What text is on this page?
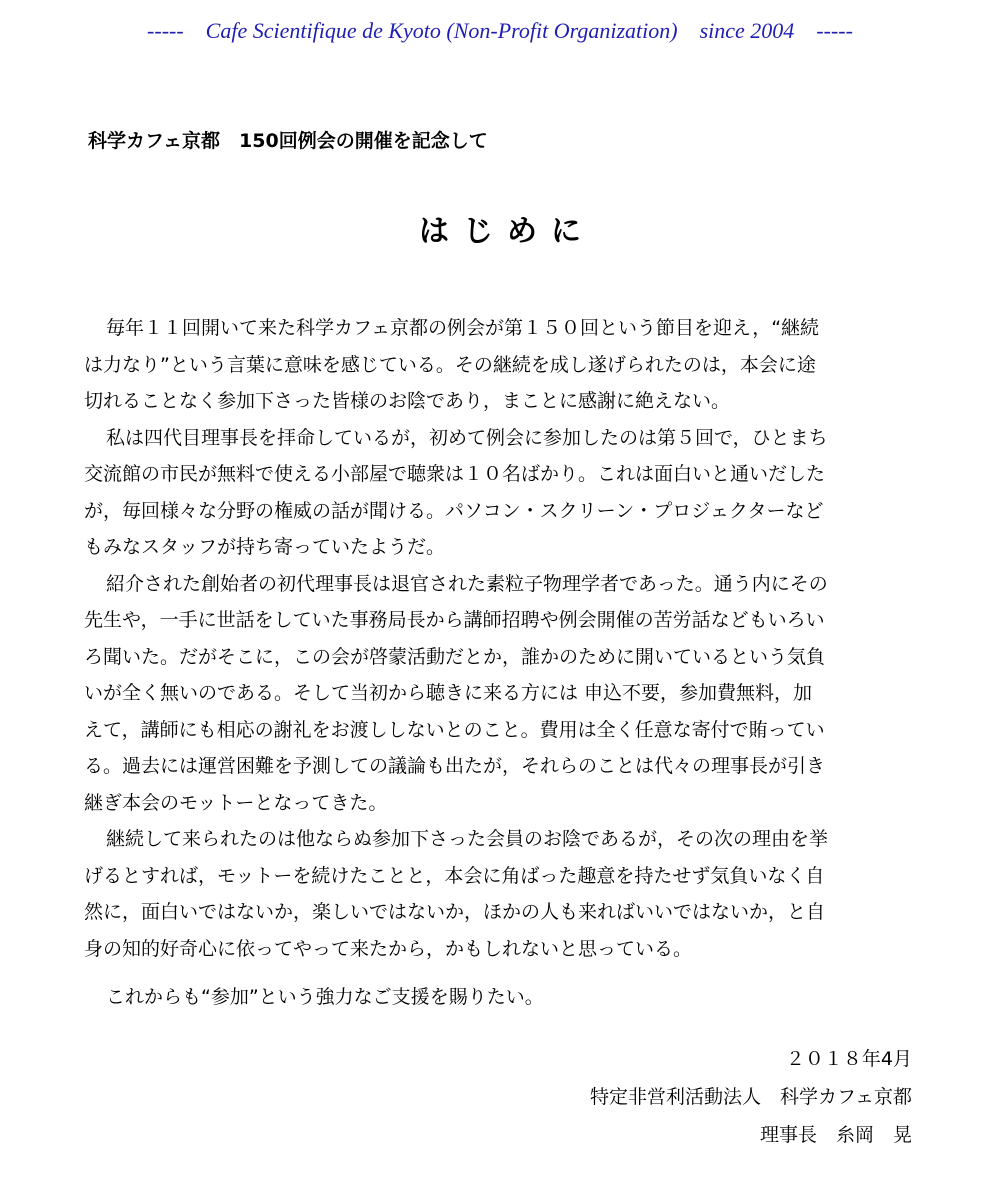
-----    Cafe Scientifique de Kyoto (Non-Profit Organization)    since 2004    -----
科学カフェ京都　150回例会の開催を記念して
はじめに
毎年１１回開いて来た科学カフェ京都の例会が第１５０回という節目を迎え，“継続
は力なり”という言葉に意味を感じている。その継続を成し遂げられたのは，本会に途
切れることなく参加下さった皆様のお陰であり，まことに感謝に絶えない。
私は四代目理事長を拝命しているが，初めて例会に参加したのは第５回で，ひとまち
交流館の市民が無料で使える小部屋で聴衆は１０名ばかり。これは面白いと通いだした
が，毎回様々な分野の権威の話が聞ける。パソコン・スクリーン・プロジェクターなど
もみなスタッフが持ち寄っていたようだ。
紹介された創始者の初代理事長は退官された素粒子物理学者であった。通う内にその
先生や，一手に世話をしていた事務局長から講師招聘や例会開催の苦労話などもいろい
ろ聞いた。だがそこに，この会が啓蒙活動だとか，誰かのために開いているという気負
いが全く無いのである。そして当初から聴きに来る方には 申込不要，参加費無料，加
えて，講師にも相応の謝礼をお渡ししないとのこと。費用は全く任意な寄付で賄ってい
る。過去には運営困難を予測しての議論も出たが，それらのことは代々の理事長が引き
継ぎ本会のモットーとなってきた。
継続して来られたのは他ならぬ参加下さった会員のお陰であるが，その次の理由を挙
げるとすれば，モットーを続けたことと，本会に角ばった趣意を持たせず気負いなく自
然に，面白いではないか，楽しいではないか，ほかの人も来ればいいではないか，と自
身の知的好奇心に依ってやって来たから，かもしれないと思っている。
これからも“参加”という強力なご支援を賜りたい。
２０１８年4月
特定非営利活動法人　科学カフェ京都
理事長　糸岡　晃
